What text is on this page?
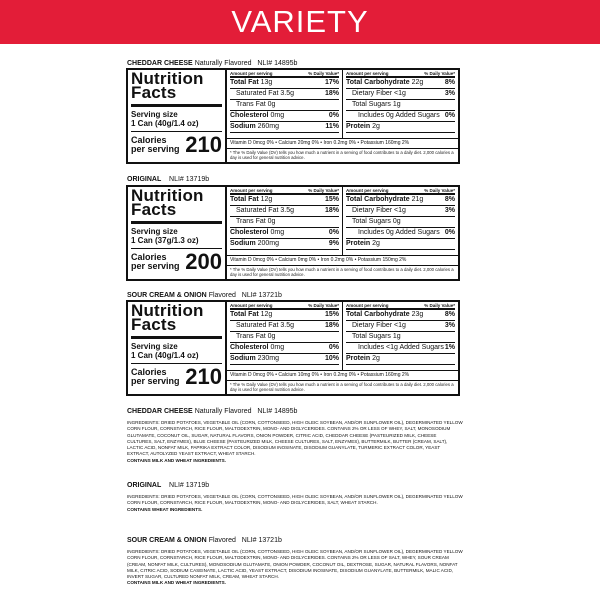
VARIETY
CHEDDAR CHEESE Naturally Flavored NLI# 14895b
Nutrition Facts
Serving size
1 Can (40g/1.4 oz)
Calories
per serving 210
Amount per serving	% Daily Value*
Total Fat 13g	17%
Saturated Fat 3.5g	18%
Trans Fat 0g
Cholesterol 0mg	0%
Sodium 260mg	11%
Amount per serving	% Daily Value*
Total Carbohydrate 22g	8%
Dietary Fiber <1g	3%
Total Sugars 1g
Includes 0g Added Sugars 0%
Protein 2g
Vitamin D 0mcg 0% • Calcium 20mg 0% • Iron 0.2mg 0% • Potassium 160mg 2%
* The % Daily Value (DV) tells you how much a nutrient in a serving of food contributes to a daily diet. 2,000 calories a day is used for general nutrition advice.
ORIGINAL NLI# 13719b
Nutrition Facts
Serving size
1 Can (37g/1.3 oz)
Calories
per serving 200
Amount per serving	% Daily Value*
Total Fat 12g	15%
Saturated Fat 3.5g	18%
Trans Fat 0g
Cholesterol 0mg	0%
Sodium 200mg	9%
Amount per serving	% Daily Value*
Total Carbohydrate 21g	8%
Dietary Fiber <1g	3%
Total Sugars 0g
Includes 0g Added Sugars 0%
Protein 2g
Vitamin D 0mcg 0% • Calcium 0mg 0% • Iron 0.2mg 0% • Potassium 150mg 2%
* The % Daily Value (DV) tells you how much a nutrient in a serving of food contributes to a daily diet. 2,000 calories a day is used for general nutrition advice.
SOUR CREAM & ONION Flavored NLI# 13721b
Nutrition Facts
Serving size
1 Can (40g/1.4 oz)
Calories
per serving 210
Amount per serving	% Daily Value*
Total Fat 12g	15%
Saturated Fat 3.5g	18%
Trans Fat 0g
Cholesterol 0mg	0%
Sodium 230mg	10%
Amount per serving	% Daily Value*
Total Carbohydrate 23g	8%
Dietary Fiber <1g	3%
Total Sugars 1g
Includes <1g Added Sugars 1%
Protein 2g
Vitamin D 0mcg 0% • Calcium 10mg 0% • Iron 0.2mg 0% • Potassium 160mg 2%
* The % Daily Value (DV) tells you how much a nutrient in a serving of food contributes to a daily diet. 2,000 calories a day is used for general nutrition advice.
CHEDDAR CHEESE Naturally Flavored NLI# 14895b
INGREDIENTS: DRIED POTATOES, VEGETABLE OIL (CORN, COTTONSEED, HIGH OLEIC SOYBEAN, AND/OR SUNFLOWER OIL), DEGERMINATED YELLOW CORN FLOUR, CORNSTARCH, RICE FLOUR, MALTODEXTRIN, MONO- AND DIGLYCERIDES. CONTAINS 2% OR LESS OF WHEY, SALT, MONOSODIUM GLUTAMATE, COCONUT OIL, SUGAR, NATURAL FLAVORS, ONION POWDER, CITRIC ACID, CHEDDAR CHEESE (PASTEURIZED MILK, CHEESE CULTURES, SALT, ENZYMES), BLUE CHEESE (PASTEURIZED MILK, CHEESE CULTURES, SALT, ENZYMES), BUTTERMILK, BUTTER (CREAM, SALT), LACTIC ACID, NONFAT MILK, PAPRIKA EXTRACT COLOR, DISODIUM INOSINATE, DISODIUM GUANYLATE, TURMERIC EXTRACT COLOR, YEAST EXTRACT, AUTOLYZED YEAST EXTRACT, WHEAT STARCH.
CONTAINS MILK AND WHEAT INGREDIENTS.
ORIGINAL NLI# 13719b
INGREDIENTS: DRIED POTATOES, VEGETABLE OIL (CORN, COTTONSEED, HIGH OLEIC SOYBEAN, AND/OR SUNFLOWER OIL), DEGERMINATED YELLOW CORN FLOUR, CORNSTARCH, RICE FLOUR, MALTODEXTRIN, MONO- AND DIGLYCERIDES, SALT, WHEAT STARCH.
CONTAINS WHEAT INGREDIENTS.
SOUR CREAM & ONION Flavored NLI# 13721b
INGREDIENTS: DRIED POTATOES, VEGETABLE OIL (CORN, COTTONSEED, HIGH OLEIC SOYBEAN, AND/OR SUNFLOWER OIL), DEGERMINATED YELLOW CORN FLOUR, CORNSTARCH, RICE FLOUR, MALTODEXTRIN, MONO- AND DIGLYCERIDES. CONTAINS 2% OR LESS OF SALT, WHEY, SOUR CREAM (CREAM, NONFAT MILK, CULTURES), MONOSODIUM GLUTAMATE, ONION POWDER, COCONUT OIL, DEXTROSE, SUGAR, NATURAL FLAVORS, NONFAT MILK, CITRIC ACID, SODIUM CASEINATE, LACTIC ACID, YEAST EXTRACT, DISODIUM INOSINATE, DISODIUM GUANYLATE, BUTTERMILK, MALIC ACID, INVERT SUGAR, CULTURED NONFAT MILK, CREAM, WHEAT STARCH.
CONTAINS MILK AND WHEAT INGREDIENTS.
